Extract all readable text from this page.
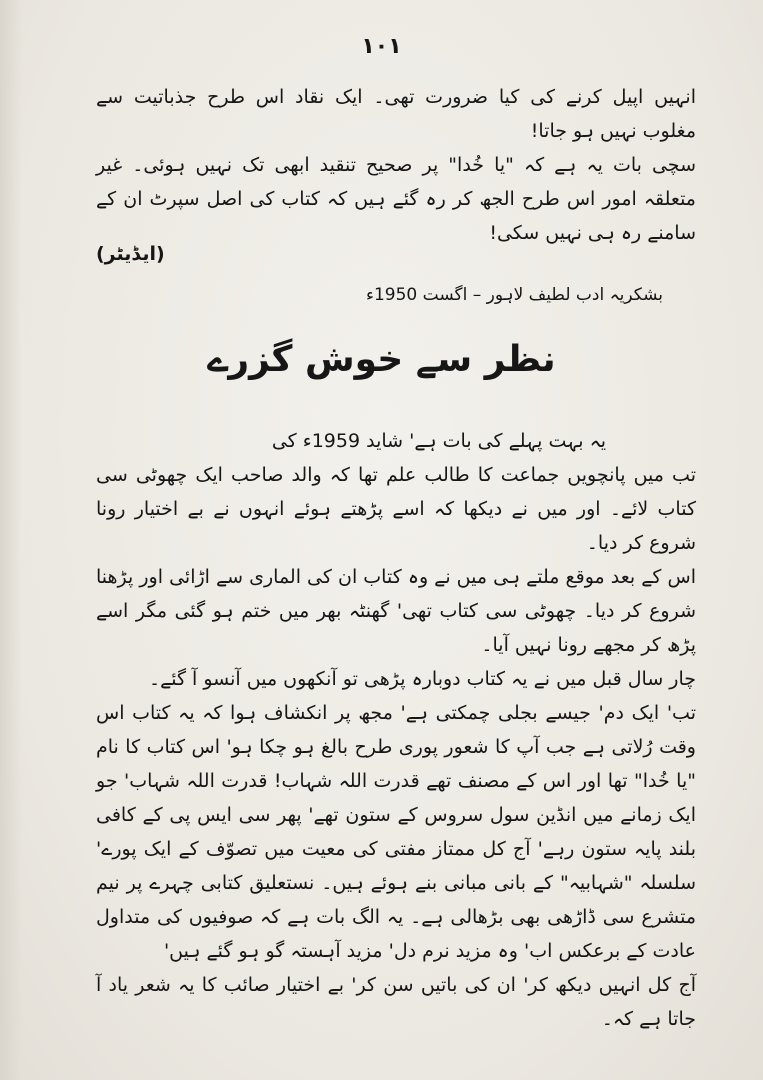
۱۰۱

انہیں اپیل کرنے کی کیا ضرورت تھی۔ ایک نقاد اس طرح جذباتیت سے مغلوب نہیں ہو جاتا!

سچی بات یہ ہے کہ "یا خُدا" پر صحیح تنقید ابھی تک نہیں ہوئی۔ غیر متعلقہ امور اس طرح الجھ کر رہ گئے ہیں کہ کتاب کی اصل سپرٹ ان کے سامنے رہ ہی نہیں سکی!

(ایڈیٹر)
بشکریہ ادب لطیف لاہور – اگست 1950ء
نظر سے خوش گزرے

یہ بہت پہلے کی بات ہے' شاید 1959ء کی

تب میں پانچویں جماعت کا طالب علم تھا کہ والد صاحب ایک چھوٹی سی کتاب لائے۔ اور میں نے دیکھا کہ اسے پڑھتے ہوئے انہوں نے بے اختیار رونا شروع کر دیا۔

اس کے بعد موقع ملتے ہی میں نے وہ کتاب ان کی الماری سے اڑائی اور پڑھنا شروع کر دیا۔ چھوٹی سی کتاب تھی' گھنٹہ بھر میں ختم ہو گئی مگر اسے پڑھ کر مجھے رونا نہیں آیا۔

چار سال قبل میں نے یہ کتاب دوبارہ پڑھی تو آنکھوں میں آنسو آ گئے۔

تب' ایک دم' جیسے بجلی چمکتی ہے' مجھ پر انکشاف ہوا کہ یہ کتاب اس وقت رُلاتی ہے جب آپ کا شعور پوری طرح بالغ ہو چکا ہو' اس کتاب کا نام "یا خُدا" تھا اور اس کے مصنف تھے قدرت اللہ شہاب! قدرت اللہ شہاب' جو ایک زمانے میں انڈین سول سروس کے ستون تھے' پھر سی ایس پی کے کافی بلند پایہ ستون رہے' آج کل ممتاز مفتی کی معیت میں تصوّف کے ایک پورے' سلسلہ "شہابیہ" کے بانی مبانی بنے ہوئے ہیں۔ نستعلیق کتابی چہرے پر نیم متشرع سی ڈاڑھی بھی بڑھالی ہے۔ یہ الگ بات ہے کہ صوفیوں کی متداول عادت کے برعکس اب' وہ مزید نرم دل' مزید آہستہ گو ہو گئے ہیں'

آج کل انہیں دیکھ کر' ان کی باتیں سن کر' بے اختیار صائب کا یہ شعر یاد آ جاتا ہے کہ۔
